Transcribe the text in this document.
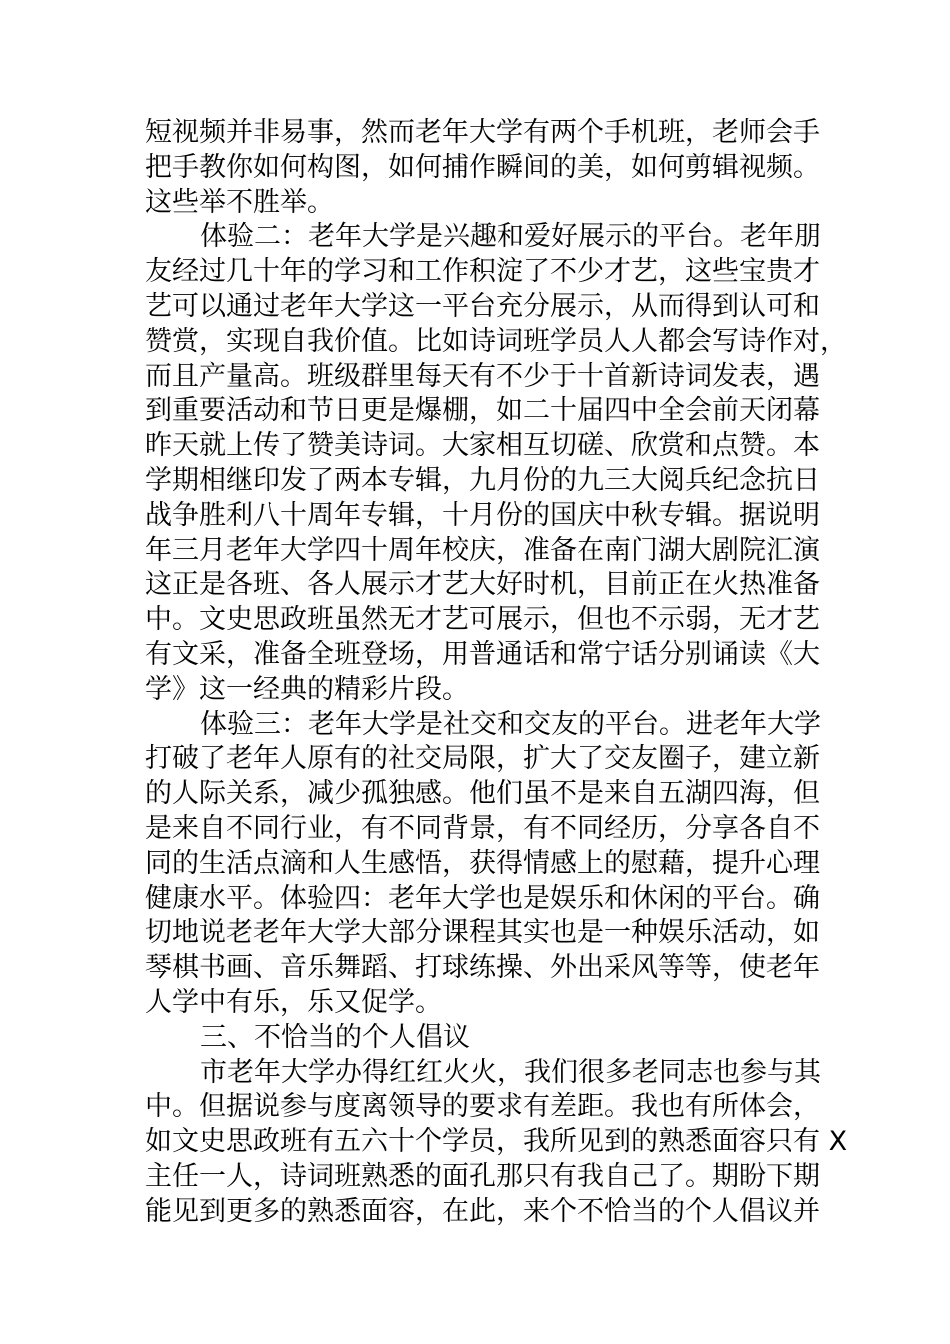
短视频并非易事，然而老年大学有两个手机班，老师会手
把手教你如何构图，如何捕作瞬间的美，如何剪辑视频。
这些举不胜举。
体验二：老年大学是兴趣和爱好展示的平台。老年朋
友经过几十年的学习和工作积淀了不少才艺，这些宝贵才
艺可以通过老年大学这一平台充分展示，从而得到认可和
赞赏，实现自我价值。比如诗词班学员人人都会写诗作对，
而且产量高。班级群里每天有不少于十首新诗词发表，遇
到重要活动和节日更是爆棚，如二十届四中全会前天闭幕
昨天就上传了赞美诗词。大家相互切磋、欣赏和点赞。本
学期相继印发了两本专辑，九月份的九三大阅兵纪念抗日
战争胜利八十周年专辑，十月份的国庆中秋专辑。据说明
年三月老年大学四十周年校庆，准备在南门湖大剧院汇演
这正是各班、各人展示才艺大好时机，目前正在火热准备
中。文史思政班虽然无才艺可展示，但也不示弱，无才艺
有文采，准备全班登场，用普通话和常宁话分别诵读《大
学》这一经典的精彩片段。
体验三：老年大学是社交和交友的平台。进老年大学
打破了老年人原有的社交局限，扩大了交友圈子，建立新
的人际关系，减少孤独感。他们虽不是来自五湖四海，但
是来自不同行业，有不同背景，有不同经历，分享各自不
同的生活点滴和人生感悟，获得情感上的慰藉，提升心理
健康水平。体验四：老年大学也是娱乐和休闲的平台。确
切地说老老年大学大部分课程其实也是一种娱乐活动，如
琴棋书画、音乐舞蹈、打球练操、外出采风等等，使老年
人学中有乐，乐又促学。
三、不恰当的个人倡议
市老年大学办得红红火火，我们很多老同志也参与其
中。但据说参与度离领导的要求有差距。我也有所体会，
如文史思政班有五六十个学员，我所见到的熟悉面容只有 X
主任一人，诗词班熟悉的面孔那只有我自己了。期盼下期
能见到更多的熟悉面容，在此，来个不恰当的个人倡议并
